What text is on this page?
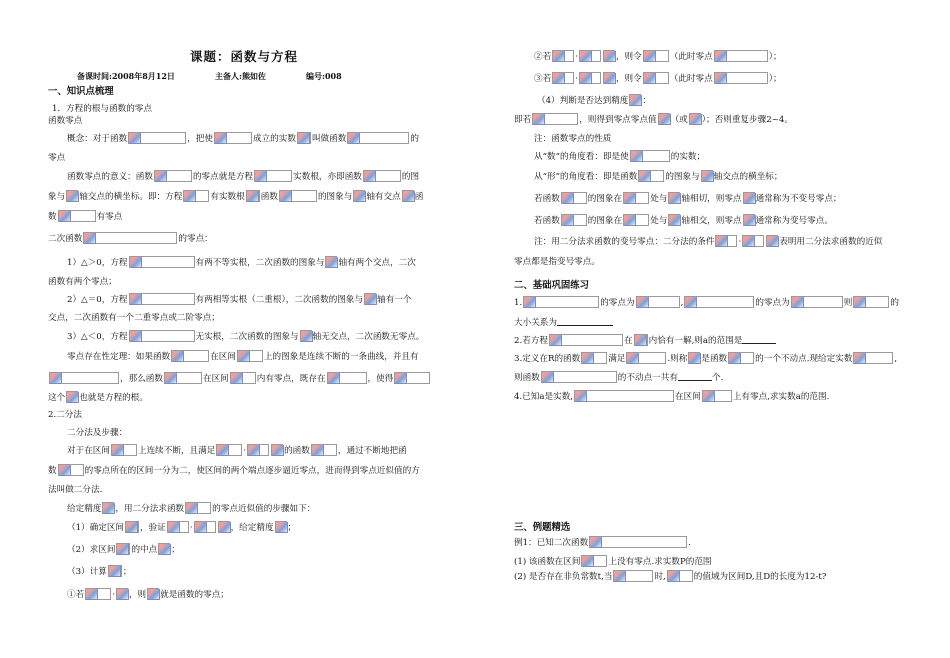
课题：函数与方程
备课时间:2008年8月12日	主备人:熊如佐	编号:008
一、知识点梳理
1．方程的根与函数的零点
函数零点
概念：对于函数	，把使	成立的实数 叫做函数	的
零点
函数零点的意义：函数	的零点就是方程	实数根，亦即函数	的图
象与 轴交点的横坐标。即：方程	有实数根 函数	的图象与 轴有交点 函
数	有零点
二次函数	的零点：
1）△＞0，方程	有两不等实根，二次函数的图象与 轴有两个交点，二次
函数有两个零点；
2）△＝0，方程	有两相等实根（二重根），二次函数的图象与 轴有一个
交点，二次函数有一个二重零点或二阶零点；
3）△＜0，方程	无实根，二次函数的图象与 轴无交点，二次函数无零点。
零点存在性定理：如果函数	在区间	上的图象是连续不断的一条曲线，并且有
，那么函数	在区间	内有零点，既存在	，使得
这个 也就是方程的根。
2.二分法
二分法及步骤：
对于在区间	上连续不断，且满足	·	的函数	，通过不断地把函
数	的零点所在的区间一分为二，使区间的两个端点逐步逼近零点，进而得到零点近似值的方
法叫做二分法．
给定精度 ，用二分法求函数	的零点近似值的步骤如下：
（1）确定区间 ，验证	·	，给定精度 ；
（2）求区间 的中点 ；
（3）计算 ；
①若	· ，则 就是函数的零点；
②若	·	，则令	（此时零点	）；
③若	·	，则令	（此时零点	）；
（4）判断是否达到精度 ：
即若	，则得到零点零点值 （或 ）；否则重复步骤2~4。
注：函数零点的性质
从“数”的角度看：即是使	的实数；
从“形”的角度看：即是函数	的图象与 轴交点的横坐标；
若函数	的图象在	处与 轴相切，则零点 通常称为不变号零点；
若函数	的图象在	处与 轴相交，则零点 通常称为变号零点。
注：用二分法求函数的变号零点：二分法的条件	·	表明用二分法求函数的近似
零点都是指变号零点。
二、基础巩固练习
1.	的零点为	,	的零点为	则	的
大小关系为
2.若方程	在 内恰有一解,则a的范围是
3.定义在R的函数	满足	.则称 是函数	的一个不动点.现给定实数	,
则函数	的不动点一共有	个.
4.已知a是实数,	在区间	上有零点,求实数a的范围.
三、例题精选
例1：已知二次函数	.
(1) 该函数在区间	上没有零点.求实数P的范围
(2) 是否存在非负常数t,当	时,	的值域为区间D,且D的长度为12-t?
